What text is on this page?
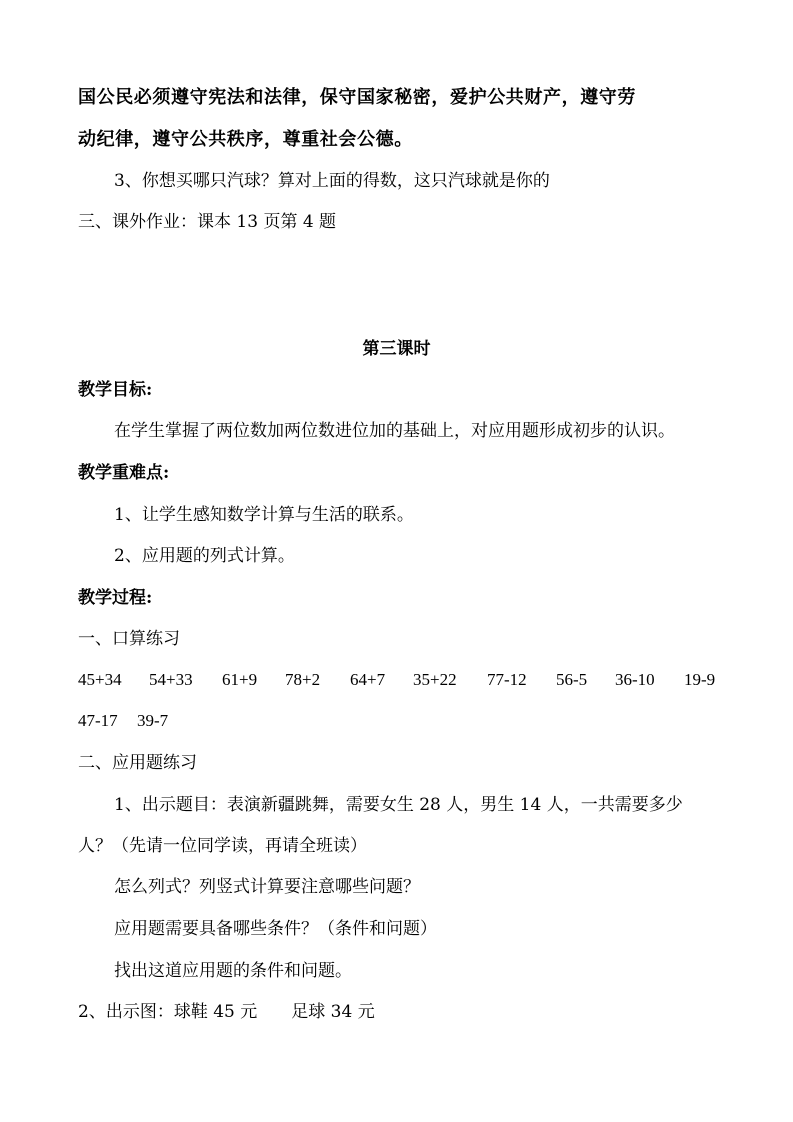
国公民必须遵守宪法和法律，保守国家秘密，爱护公共财产，遵守劳
动纪律，遵守公共秩序，尊重社会公德。
3、你想买哪只汽球？算对上面的得数，这只汽球就是你的
三、课外作业：课本 13 页第 4 题
第三课时
教学目标:
在学生掌握了两位数加两位数进位加的基础上，对应用题形成初步的认识。
教学重难点:
1、让学生感知数学计算与生活的联系。
2、应用题的列式计算。
教学过程:
一、口算练习
45+34 54+33 61+9 78+2 64+7 35+22 77-12 56-5 36-10 19-9
47-17 39-7
二、应用题练习
1、出示题目：表演新疆跳舞，需要女生 28 人，男生 14 人，一共需要多少
人？（先请一位同学读，再请全班读）
怎么列式？列竖式计算要注意哪些问题？
应用题需要具备哪些条件？（条件和问题）
找出这道应用题的条件和问题。
2、出示图：球鞋 45 元　　足球 34 元
